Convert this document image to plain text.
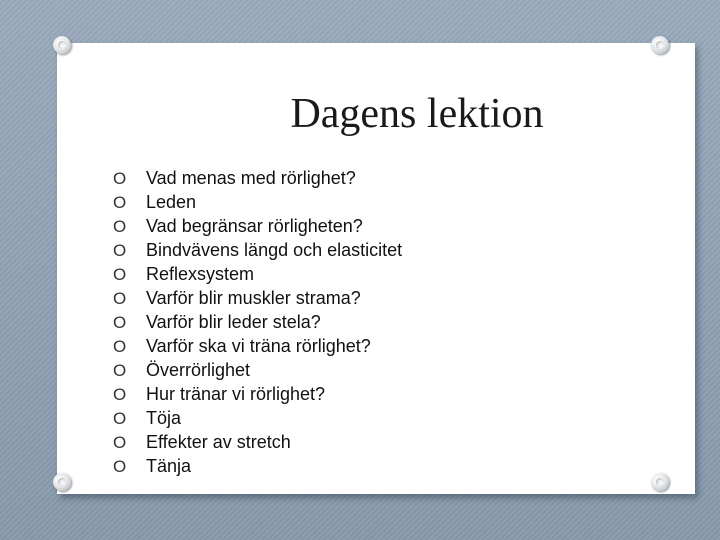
Dagens lektion
O Vad menas med rörlighet?
O Leden
O Vad begränsar rörligheten?
O Bindvävens längd och elasticitet
O Reflexsystem
O Varför blir muskler strama?
O Varför blir leder stela?
O Varför ska vi träna rörlighet?
O Överrörlighet
O Hur tränar vi rörlighet?
O Töja
O Effekter av stretch
O Tänja
